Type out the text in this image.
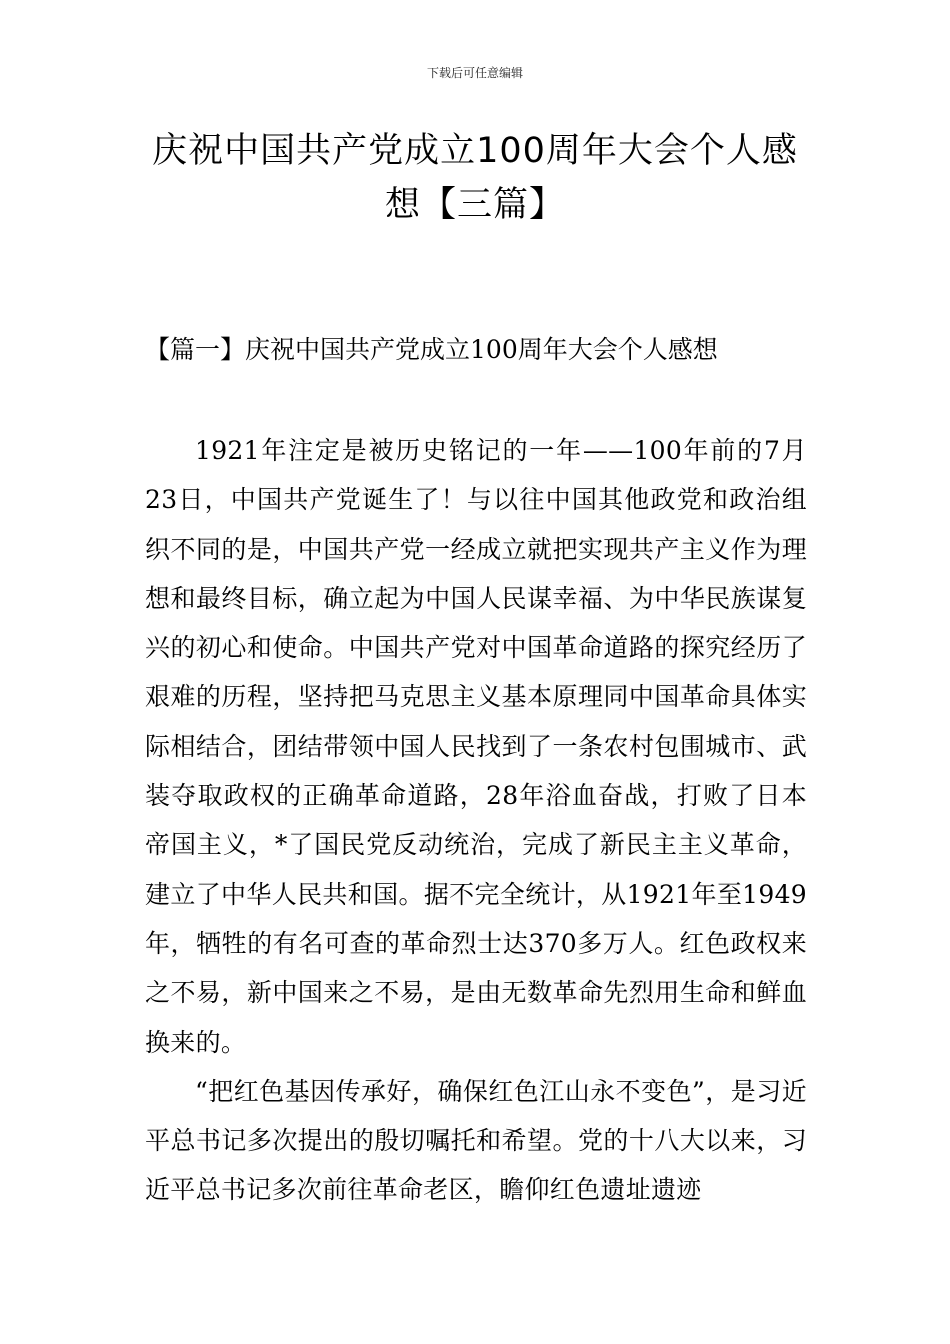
下载后可任意编辑
庆祝中国共产党成立100周年大会个人感想【三篇】
【篇一】庆祝中国共产党成立100周年大会个人感想

1921年注定是被历史铭记的一年——100年前的7月23日，中国共产党诞生了！与以往中国其他政党和政治组织不同的是，中国共产党一经成立就把实现共产主义作为理想和最终目标，确立起为中国人民谋幸福、为中华民族谋复兴的初心和使命。中国共产党对中国革命道路的探究经历了艰难的历程，坚持把马克思主义基本原理同中国革命具体实际相结合，团结带领中国人民找到了一条农村包围城市、武装夺取政权的正确革命道路，28年浴血奋战，打败了日本帝国主义，*了国民党反动统治，完成了新民主主义革命，建立了中华人民共和国。据不完全统计，从1921年至1949年，牺牲的有名可查的革命烈士达370多万人。红色政权来之不易，新中国来之不易，是由无数革命先烈用生命和鲜血换来的。

“把红色基因传承好，确保红色江山永不变色”，是习近平总书记多次提出的殷切嘱托和希望。党的十八大以来，习近平总书记多次前往革命老区，瞻仰红色遗址遗迹
